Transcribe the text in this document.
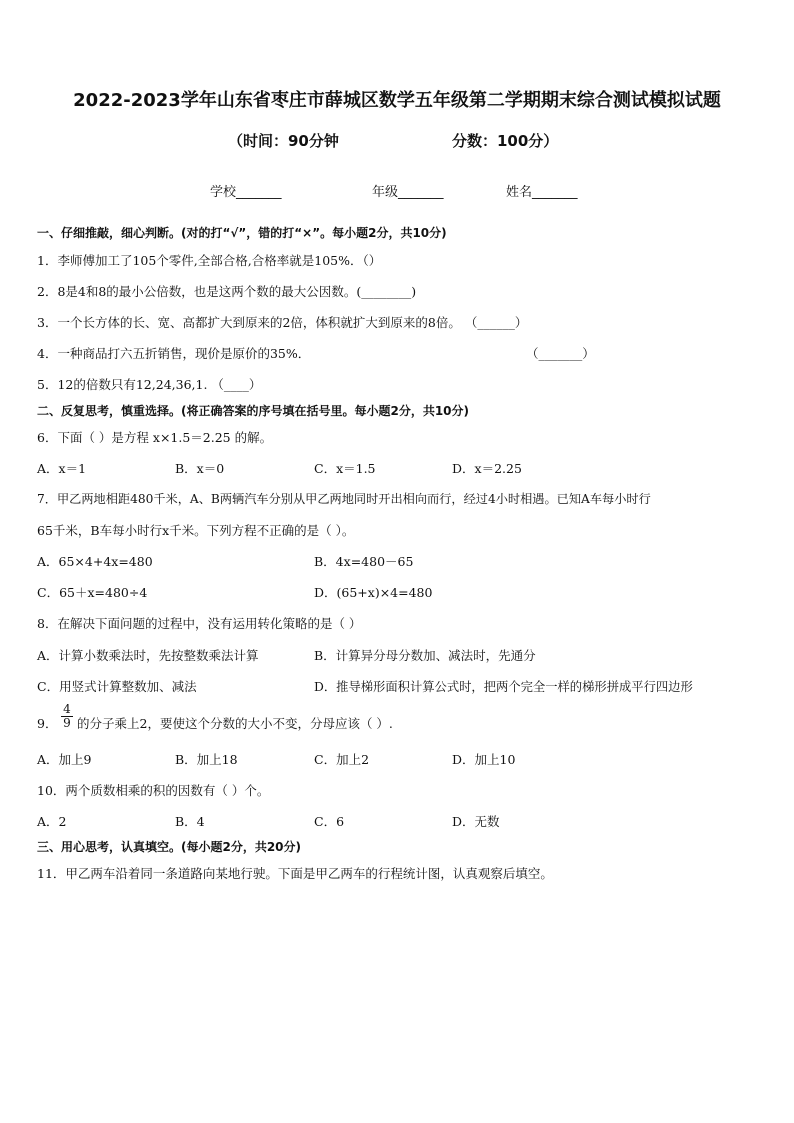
2022-2023学年山东省枣庄市薛城区数学五年级第二学期期末综合测试模拟试题
（时间：90分钟	分数：100分）
学校_______	年级_______	姓名_______
一、仔细推敲，细心判断。(对的打“√”，错的打“×”。每小题2分，共10分)
1．李师傅加工了105个零件,全部合格,合格率就是105%．（）
2．8是4和8的最小公倍数，也是这两个数的最大公因数。(________)
3．一个长方体的长、宽、高都扩大到原来的2倍，体积就扩大到原来的8倍。 （______）
4．一种商品打六五折销售，现价是原价的35%．	（_______）
5．12的倍数只有12,24,36,1. （____）
二、反复思考，慎重选择。(将正确答案的序号填在括号里。每小题2分，共10分)
6．下面（ ）是方程 x×1.5＝2.25 的解。
A．x＝1	B．x＝0	C．x＝1.5	D．x＝2.25
7．甲乙两地相距480千米，A、B两辆汽车分别从甲乙两地同时开出相向而行，经过4小时相遇。已知A车每小时行
65千米，B车每小时行x千米。下列方程不正确的是（ ）。
A．65×4+4x=480	B．4x=480－65
C．65＋x=480÷4	D．(65+x)×4=480
8．在解决下面问题的过程中，没有运用转化策略的是（ ）
A．计算小数乘法时，先按整数乘法计算	B．计算异分母分数加、减法时，先通分
C．用竖式计算整数加、减法	D．推导梯形面积计算公式时，把两个完全一样的梯形拼成平行四边形
9． $\frac{4}{9}$ 的分子乘上2，要使这个分数的大小不变，分母应该（ ）.
A．加上9	B．加上18	C．加上2	D．加上10
10．两个质数相乘的积的因数有（ ）个。
A．2	B．4	C．6	D．无数
三、用心思考，认真填空。(每小题2分，共20分)
11．甲乙两车沿着同一条道路向某地行驶。下面是甲乙两车的行程统计图，认真观察后填空。
